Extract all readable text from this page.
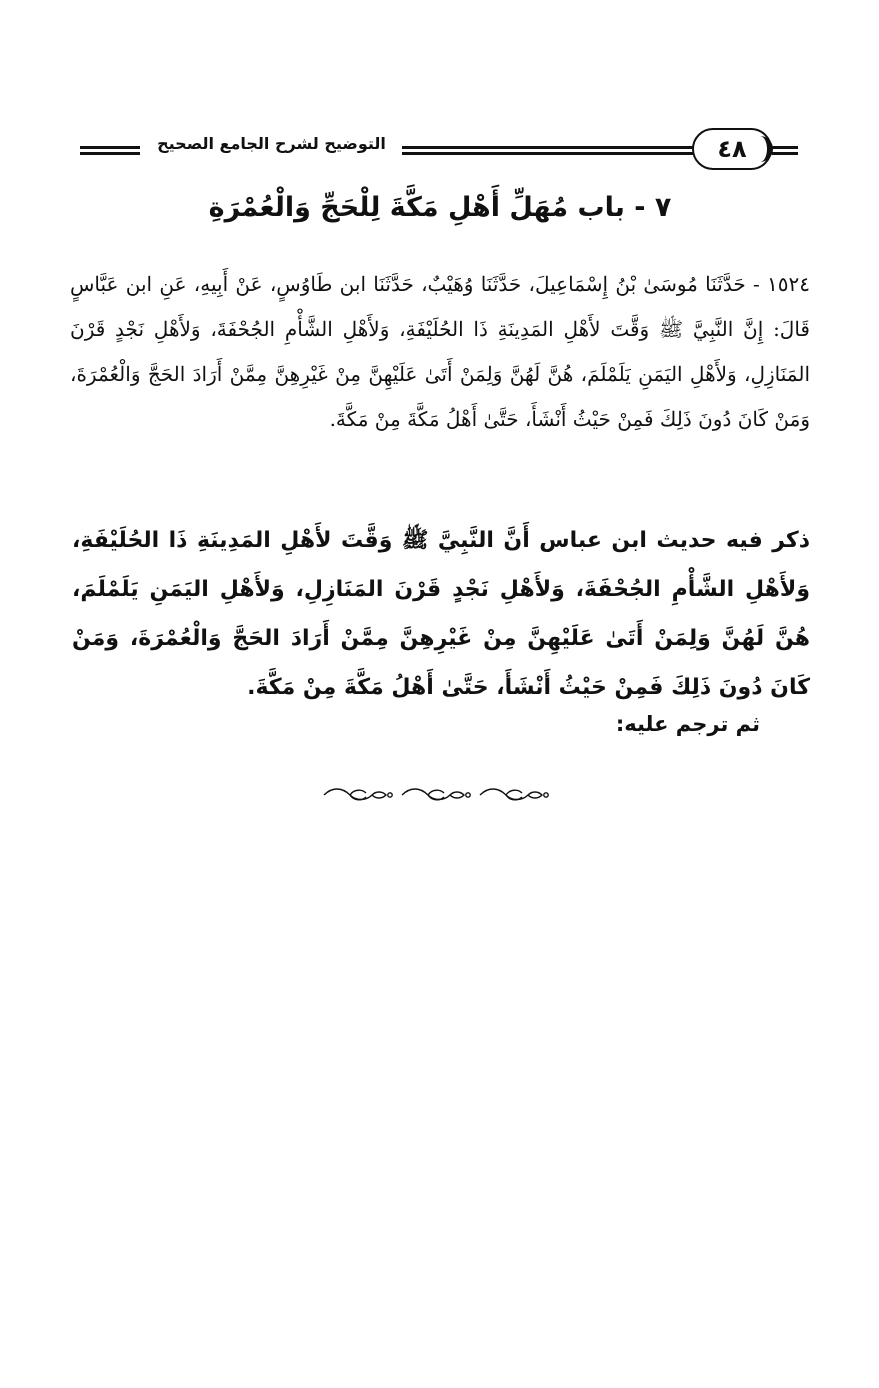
التوضيح لشرح الجامع الصحيح	٤٨
٧ - باب مُهَلِّ أَهْلِ مَكَّةَ لِلْحَجِّ وَالْعُمْرَةِ
١٥٢٤ - حَدَّثَنَا مُوسَىٰ بْنُ إِسْمَاعِيلَ، حَدَّثَنَا وُهَيْبٌ، حَدَّثَنَا ابن طَاوُسٍ، عَنْ أَبِيهِ، عَنِ ابن عَبَّاسٍ قَالَ: إِنَّ النَّبِيَّ ﷺ وَقَّتَ لأَهْلِ المَدِينَةِ ذَا الحُلَيْفَةِ، وَلأَهْلِ الشَّأْمِ الجُحْفَةَ، وَلأَهْلِ نَجْدٍ قَرْنَ المَنَازِلِ، وَلأَهْلِ اليَمَنِ يَلَمْلَمَ، هُنَّ لَهُنَّ وَلِمَنْ أَتَىٰ عَلَيْهِنَّ مِنْ غَيْرِهِنَّ مِمَّنْ أَرَادَ الحَجَّ وَالْعُمْرَةَ، وَمَنْ كَانَ دُونَ ذَلِكَ فَمِنْ حَيْثُ أَنْشَأَ، حَتَّىٰ أَهْلُ مَكَّةَ مِنْ مَكَّةَ.
ذكر فيه حديث ابن عباس أَنَّ النَّبِيَّ ﷺ وَقَّتَ لأَهْلِ المَدِينَةِ ذَا الحُلَيْفَةِ، وَلأَهْلِ الشَّأْمِ الجُحْفَةَ، وَلأَهْلِ نَجْدٍ قَرْنَ المَنَازِلِ، وَلأَهْلِ اليَمَنِ يَلَمْلَمَ، هُنَّ لَهُنَّ وَلِمَنْ أَتَىٰ عَلَيْهِنَّ مِنْ غَيْرِهِنَّ مِمَّنْ أَرَادَ الحَجَّ وَالْعُمْرَةَ، وَمَنْ كَانَ دُونَ ذَلِكَ فَمِنْ حَيْثُ أَنْشَأَ، حَتَّىٰ أَهْلُ مَكَّةَ مِنْ مَكَّةَ.
ثم ترجم عليه:
